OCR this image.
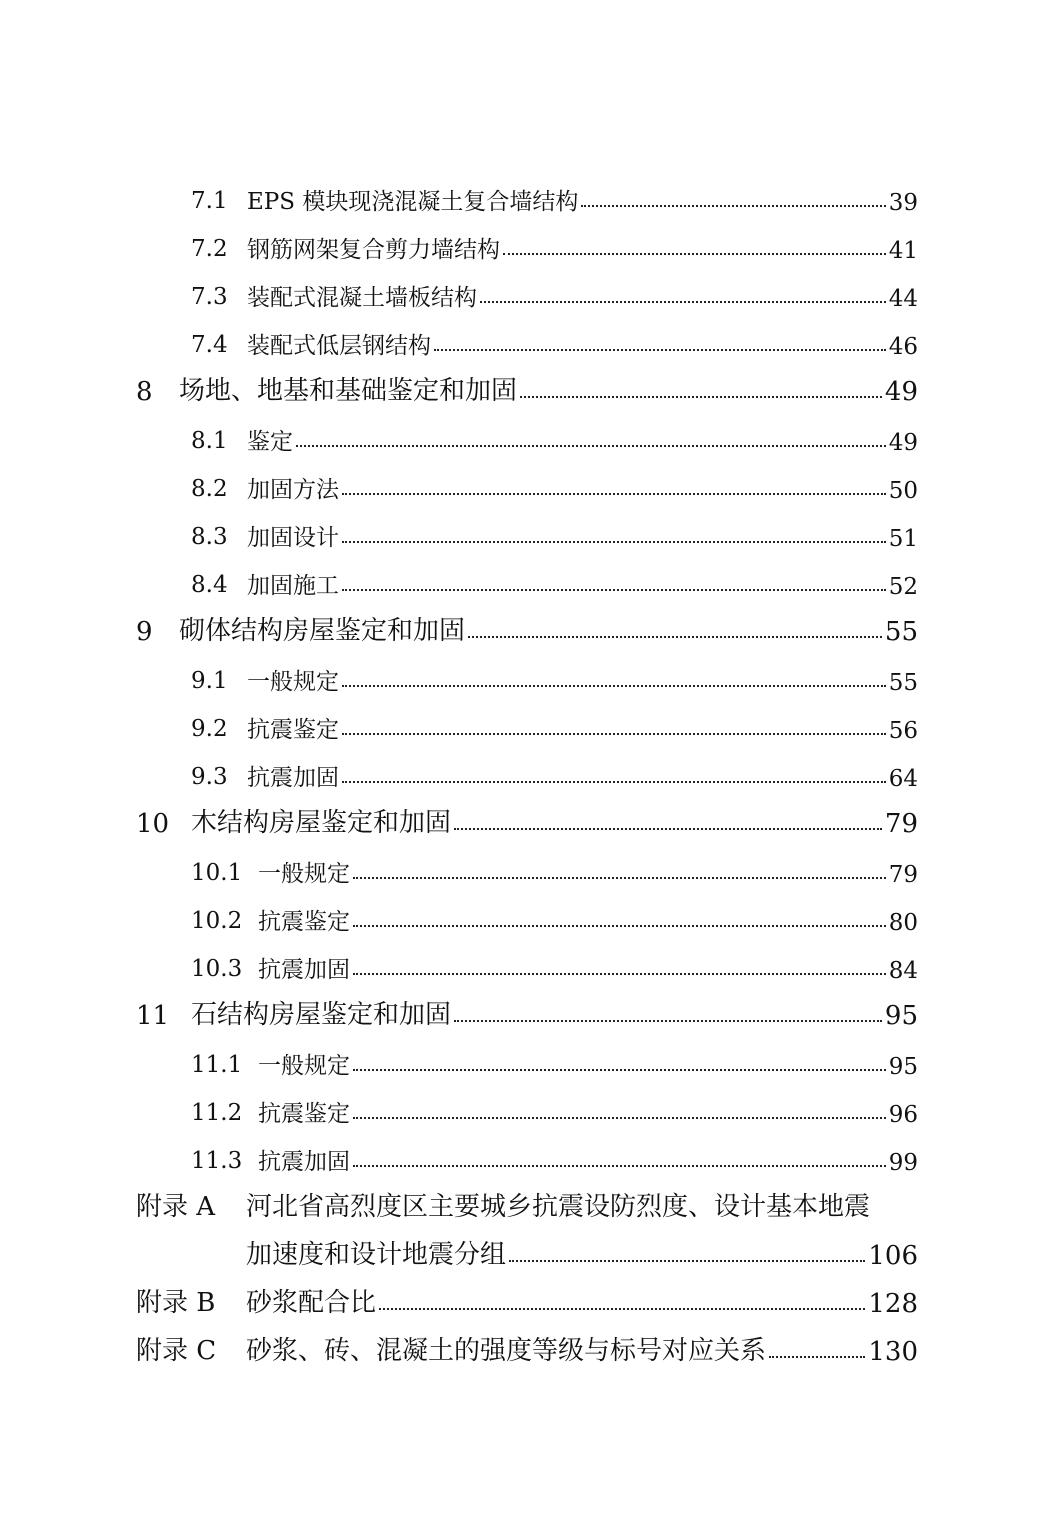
7.1 EPS 模块现浇混凝土复合墙结构	39
7.2 钢筋网架复合剪力墙结构	41
7.3 装配式混凝土墙板结构	44
7.4 装配式低层钢结构	46
8 场地、地基和基础鉴定和加固	49
8.1 鉴定	49
8.2 加固方法	50
8.3 加固设计	51
8.4 加固施工	52
9 砌体结构房屋鉴定和加固	55
9.1 一般规定	55
9.2 抗震鉴定	56
9.3 抗震加固	64
10 木结构房屋鉴定和加固	79
10.1 一般规定	79
10.2 抗震鉴定	80
10.3 抗震加固	84
11 石结构房屋鉴定和加固	95
11.1 一般规定	95
11.2 抗震鉴定	96
11.3 抗震加固	99
附录 A 河北省高烈度区主要城乡抗震设防烈度、设计基本地震
加速度和设计地震分组	106
附录 B 砂浆配合比	128
附录 C 砂浆、砖、混凝土的强度等级与标号对应关系	130
